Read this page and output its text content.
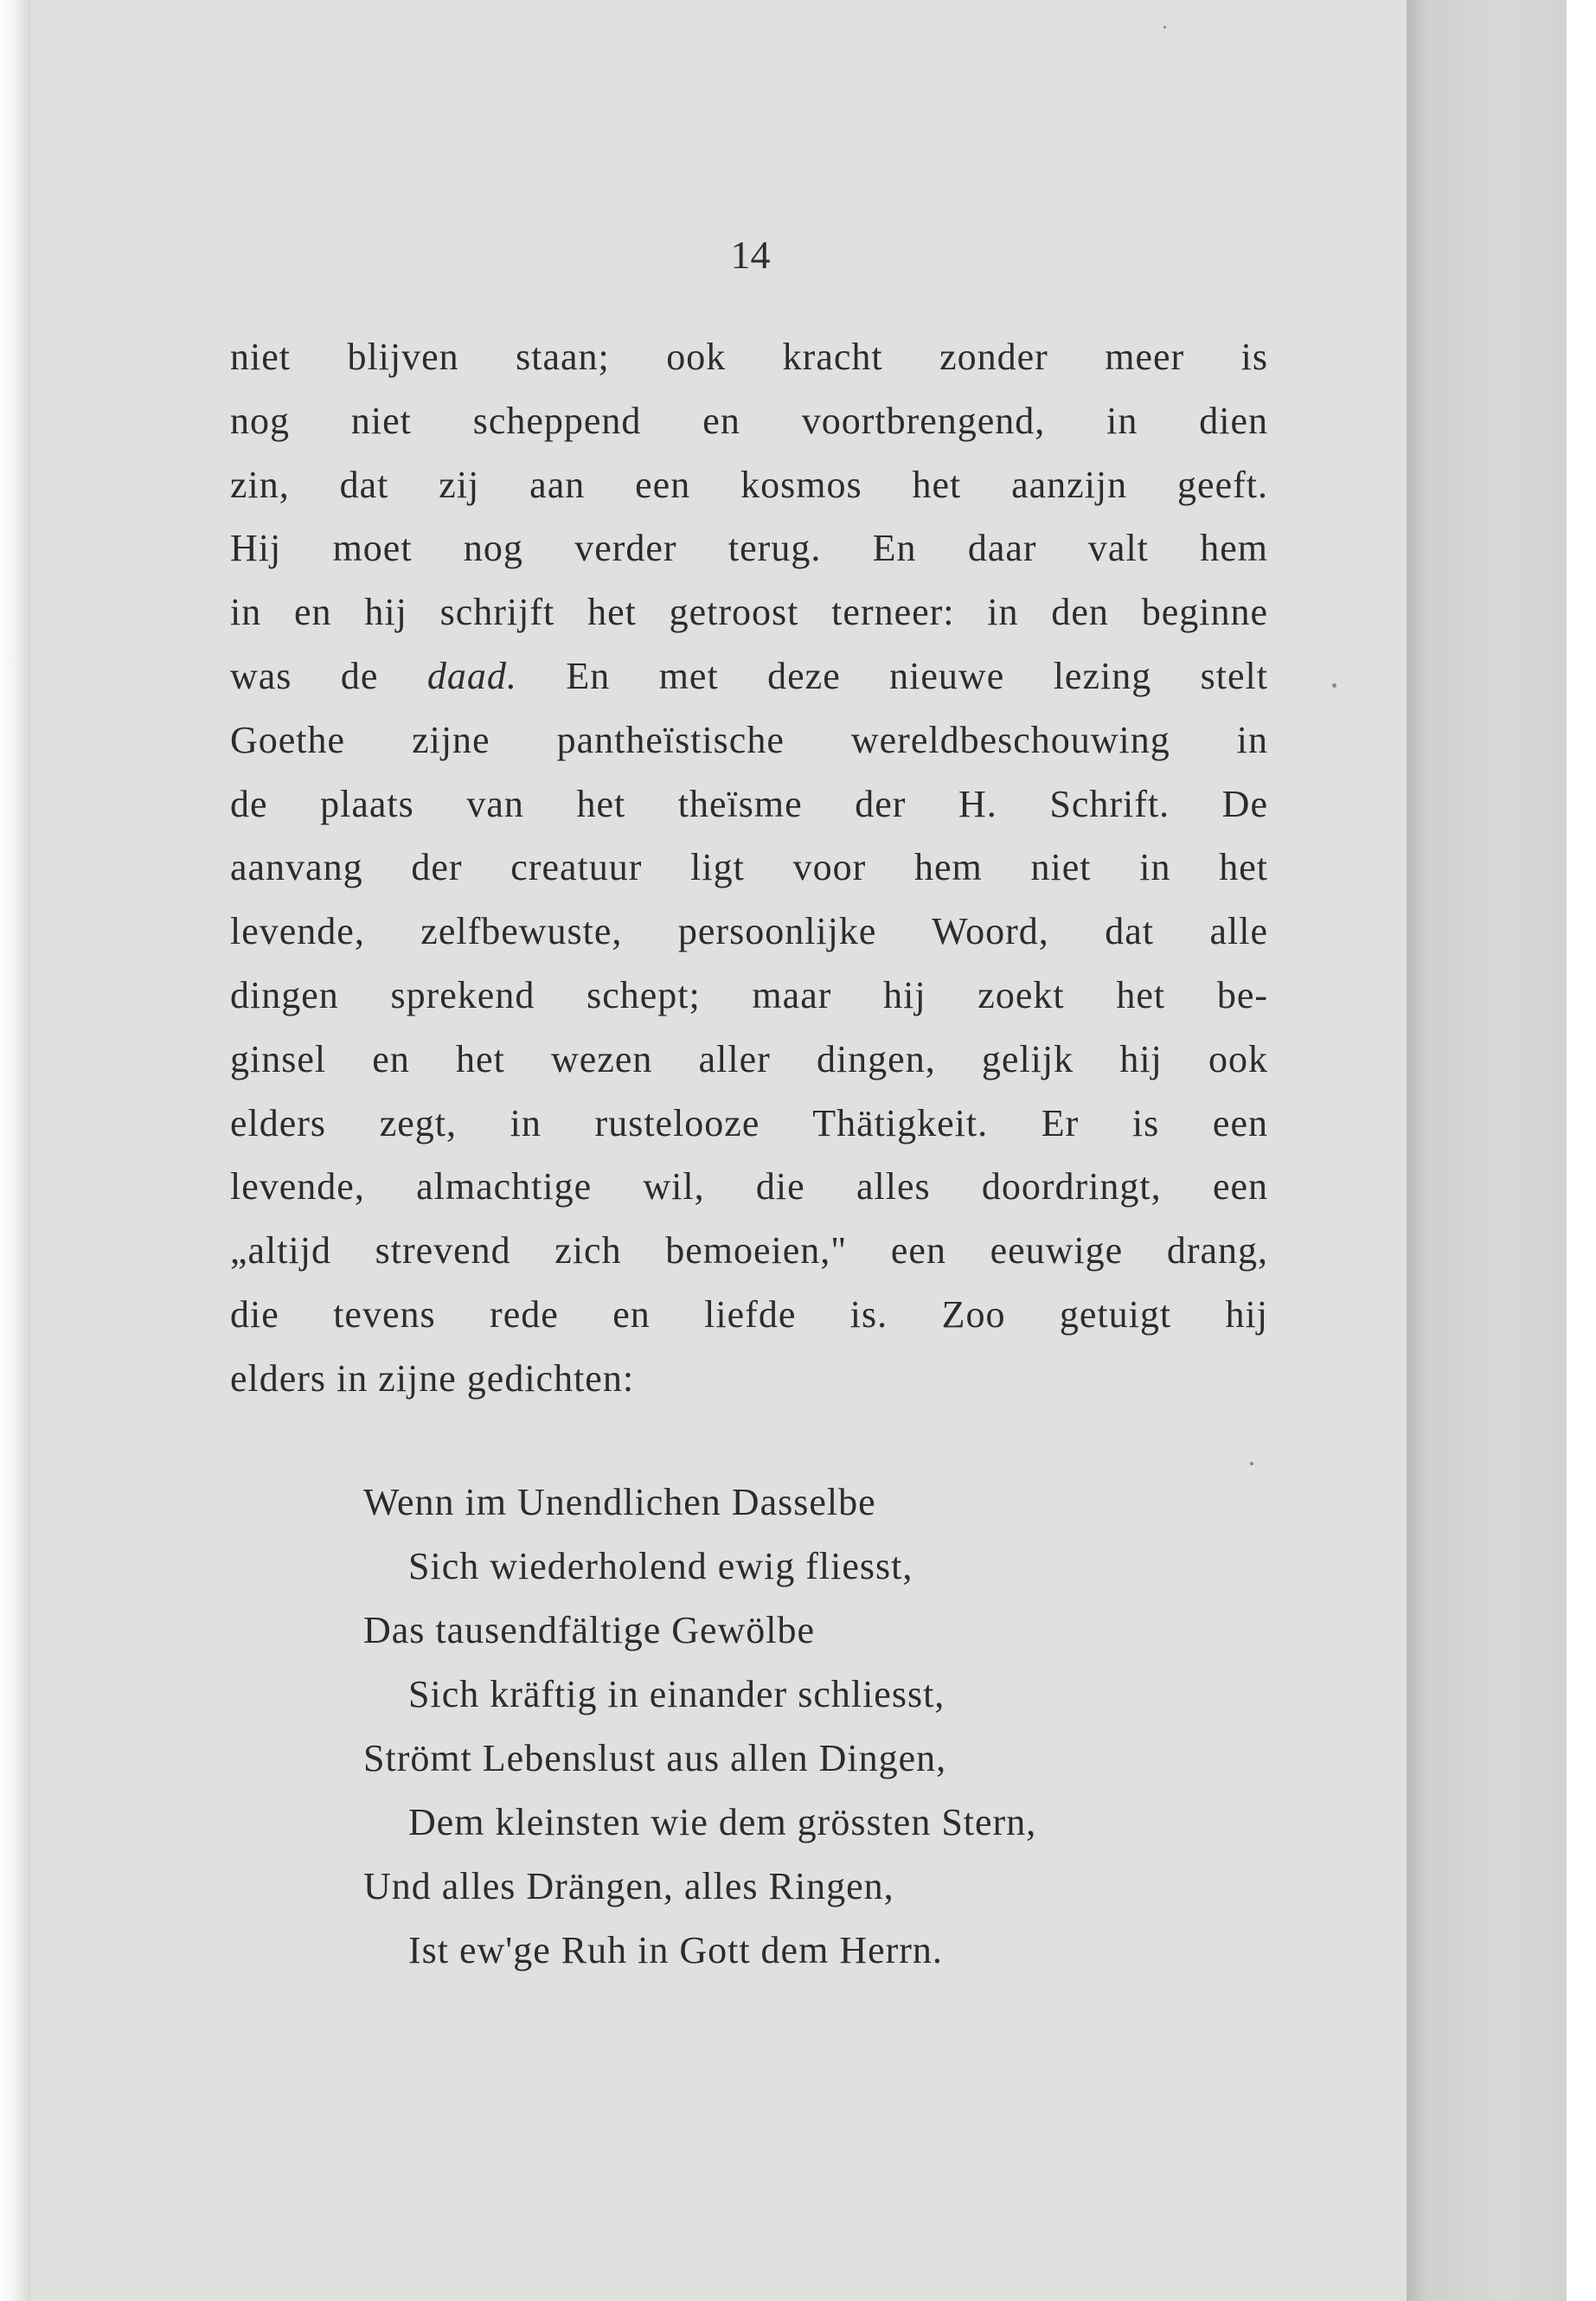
14
niet blijven staan; ook kracht zonder meer is
nog niet scheppend en voortbrengend, in dien
zin, dat zij aan een kosmos het aanzijn geeft.
Hij moet nog verder terug. En daar valt hem
in en hij schrijft het getroost terneer: in den beginne
was de daad. En met deze nieuwe lezing stelt
Goethe zijne pantheïstische wereldbeschouwing in
de plaats van het theïsme der H. Schrift. De
aanvang der creatuur ligt voor hem niet in het
levende, zelfbewuste, persoonlijke Woord, dat alle
dingen sprekend schept; maar hij zoekt het be-
ginsel en het wezen aller dingen, gelijk hij ook
elders zegt, in rustelooze Thätigkeit. Er is een
levende, almachtige wil, die alles doordringt, een
„altijd strevend zich bemoeien," een eeuwige drang,
die tevens rede en liefde is. Zoo getuigt hij
elders in zijne gedichten:
Wenn im Unendlichen Dasselbe
Sich wiederholend ewig fliesst,
Das tausendfältige Gewölbe
Sich kräftig in einander schliesst,
Strömt Lebenslust aus allen Dingen,
Dem kleinsten wie dem grössten Stern,
Und alles Drängen, alles Ringen,
Ist ew'ge Ruh in Gott dem Herrn.
